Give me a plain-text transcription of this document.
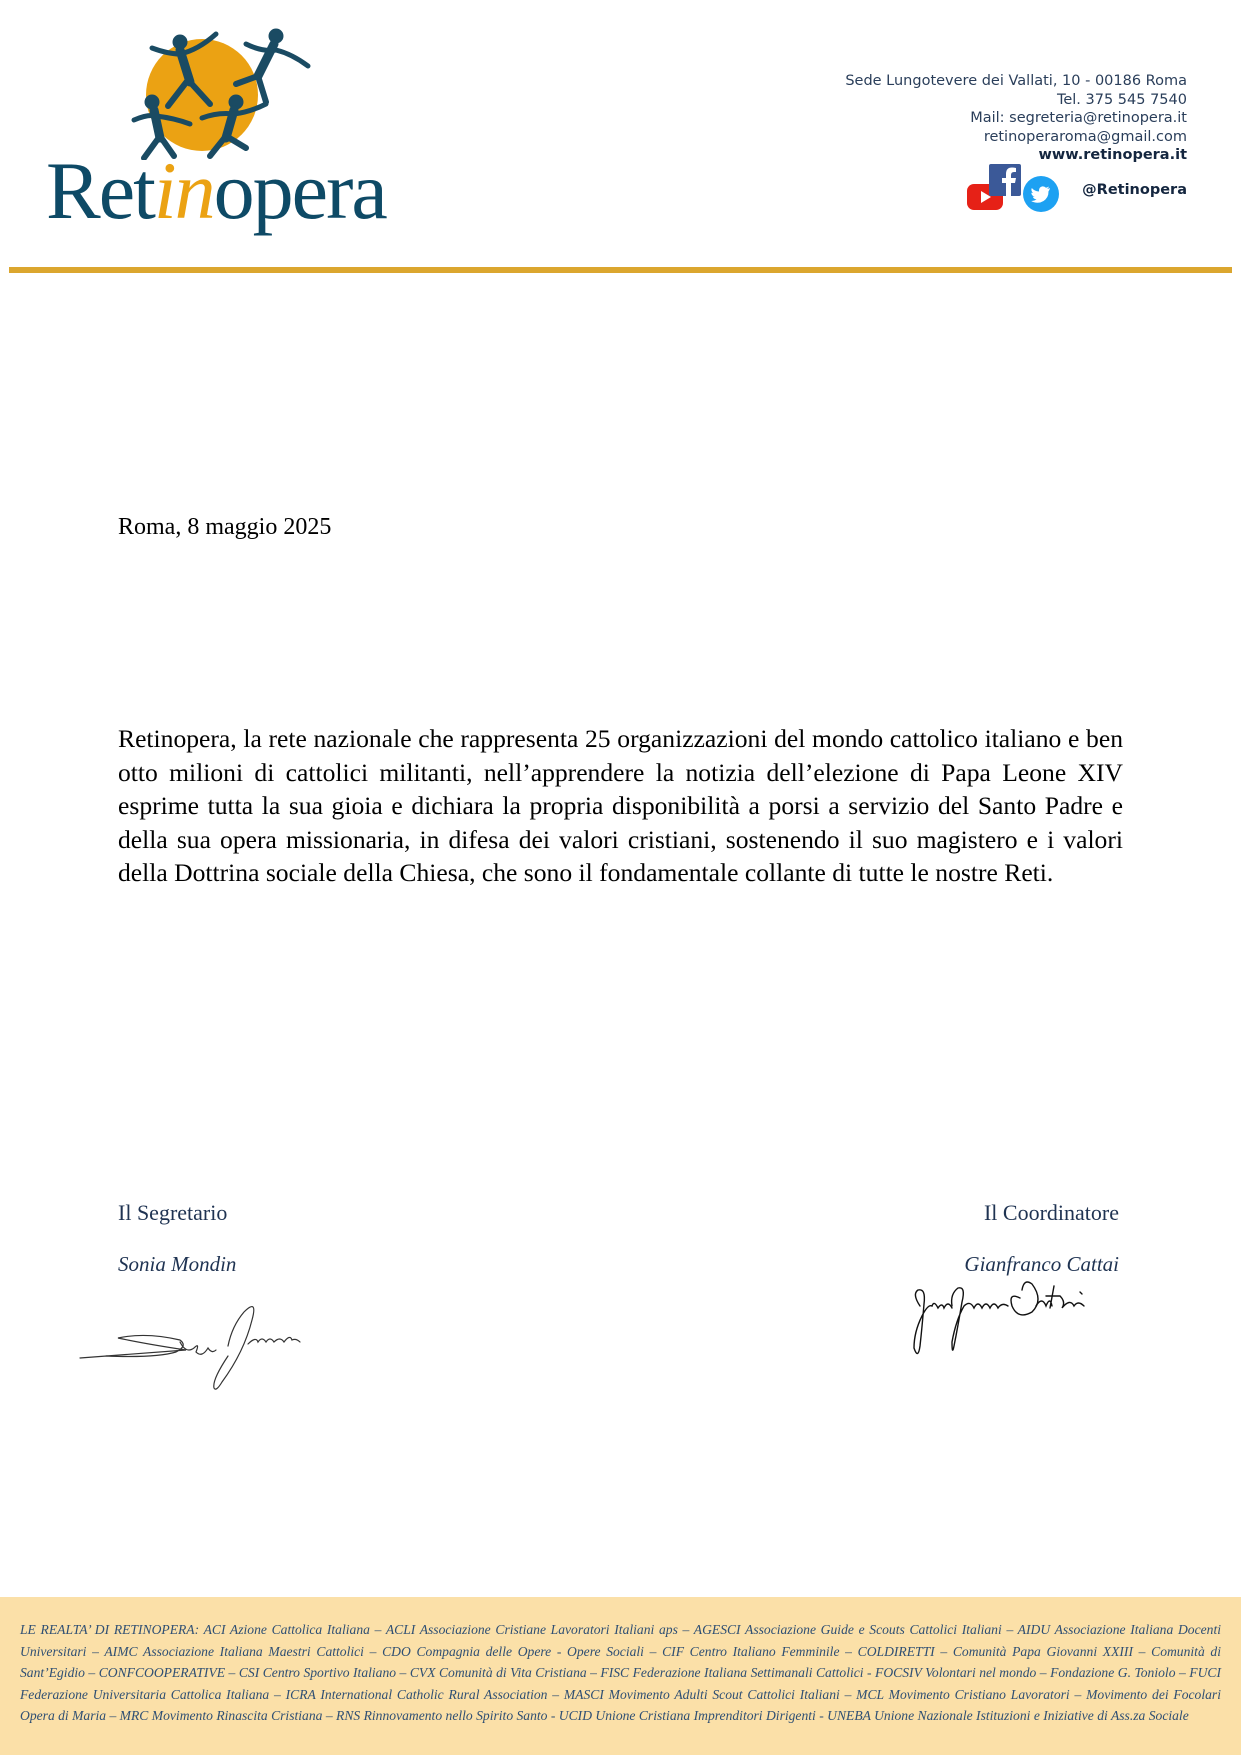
Retinopera
Sede Lungotevere dei Vallati, 10 - 00186 Roma
Tel. 375 545 7540
Mail: segreteria@retinopera.it
retinoperaroma@gmail.com
www.retinopera.it
@Retinopera
Roma, 8 maggio 2025
Retinopera, la rete nazionale che rappresenta 25 organizzazioni del mondo cattolico italiano e ben otto milioni di cattolici militanti, nell’apprendere la notizia dell’elezione di Papa Leone XIV esprime tutta la sua gioia e dichiara la propria disponibilità a porsi a servizio del Santo Padre e della sua opera missionaria, in difesa dei valori cristiani, sostenendo il suo magistero e i valori della Dottrina sociale della Chiesa, che sono il fondamentale collante di tutte le nostre Reti.
Il Segretario
Sonia Mondin
Il Coordinatore
Gianfranco Cattai
LE REALTA’ DI RETINOPERA: ACI Azione Cattolica Italiana – ACLI Associazione Cristiane Lavoratori Italiani aps – AGESCI Associazione Guide e Scouts Cattolici Italiani – AIDU Associazione Italiana Docenti Universitari – AIMC Associazione Italiana Maestri Cattolici – CDO Compagnia delle Opere - Opere Sociali – CIF Centro Italiano Femminile – COLDIRETTI – Comunità Papa Giovanni XXIII – Comunità di Sant’Egidio – CONFCOOPERATIVE – CSI Centro Sportivo Italiano – CVX Comunità di Vita Cristiana – FISC Federazione Italiana Settimanali Cattolici - FOCSIV Volontari nel mondo – Fondazione G. Toniolo – FUCI Federazione Universitaria Cattolica Italiana – ICRA International Catholic Rural Association – MASCI Movimento Adulti Scout Cattolici Italiani – MCL Movimento Cristiano Lavoratori – Movimento dei Focolari Opera di Maria – MRC Movimento Rinascita Cristiana – RNS Rinnovamento nello Spirito Santo - UCID Unione Cristiana Imprenditori Dirigenti - UNEBA Unione Nazionale Istituzioni e Iniziative di Ass.za Sociale
